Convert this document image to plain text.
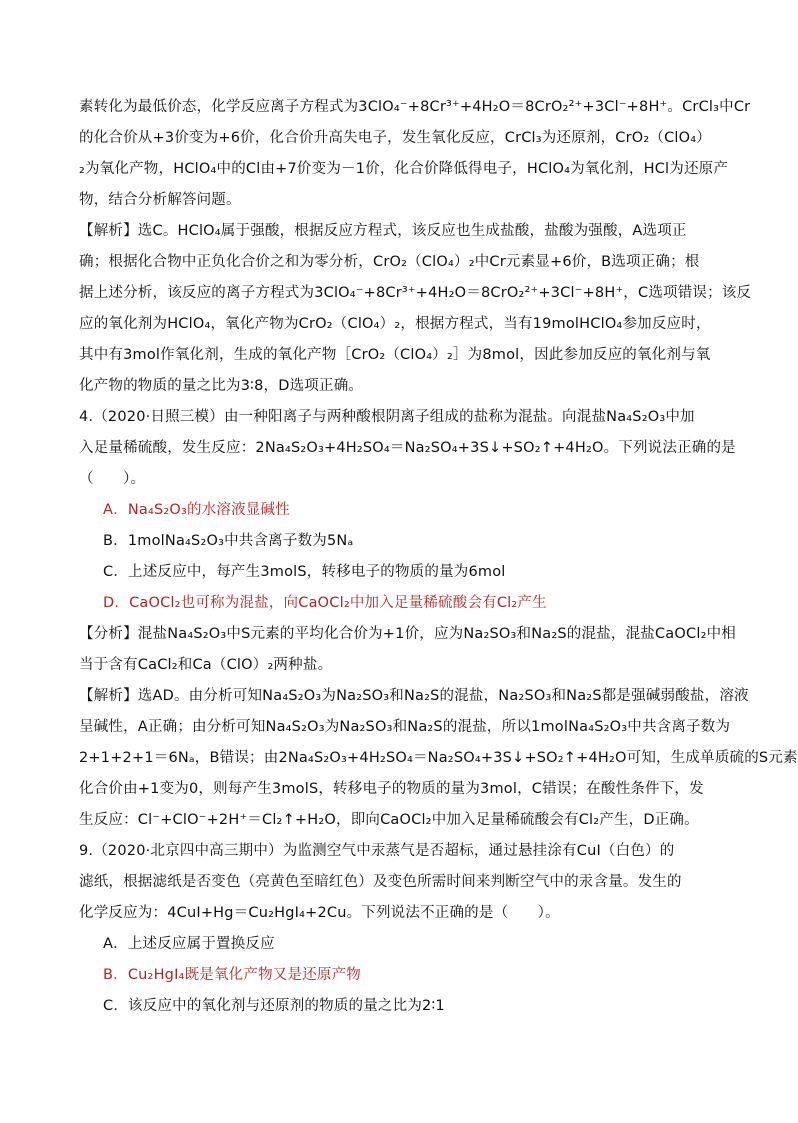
素转化为最低价态，化学反应离子方程式为3ClO₄⁻+8Cr³⁺+4H₂O＝8CrO₂²⁺+3Cl⁻+8H⁺。CrCl₃中Cr
的化合价从+3价变为+6价，化合价升高失电子，发生氧化反应，CrCl₃为还原剂，CrO₂（ClO₄）
₂为氧化产物，HClO₄中的Cl由+7价变为－1价，化合价降低得电子，HClO₄为氧化剂，HCl为还原产
物，结合分析解答问题。
【解析】选C。HClO₄属于强酸，根据反应方程式，该反应也生成盐酸，盐酸为强酸，A选项正
确；根据化合物中正负化合价之和为零分析，CrO₂（ClO₄）₂中Cr元素显+6价，B选项正确；根
据上述分析，该反应的离子方程式为3ClO₄⁻+8Cr³⁺+4H₂O＝8CrO₂²⁺+3Cl⁻+8H⁺，C选项错误；该反
应的氧化剂为HClO₄，氧化产物为CrO₂（ClO₄）₂，根据方程式，当有19molHClO₄参加反应时，
其中有3mol作氧化剂，生成的氧化产物［CrO₂（ClO₄）₂］为8mol，因此参加反应的氧化剂与氧
化产物的物质的量之比为3∶8，D选项正确。
4.（2020·日照三模）由一种阳离子与两种酸根阴离子组成的盐称为混盐。向混盐Na₄S₂O₃中加
入足量稀硫酸，发生反应：2Na₄S₂O₃+4H₂SO₄＝Na₂SO₄+3S↓+SO₂↑+4H₂O。下列说法正确的是
（　　）。
A．Na₄S₂O₃的水溶液显碱性
B．1molNa₄S₂O₃中共含离子数为5Nₐ
C．上述反应中，每产生3molS，转移电子的物质的量为6mol
D．CaOCl₂也可称为混盐，向CaOCl₂中加入足量稀硫酸会有Cl₂产生
【分析】混盐Na₄S₂O₃中S元素的平均化合价为+1价，应为Na₂SO₃和Na₂S的混盐，混盐CaOCl₂中相
当于含有CaCl₂和Ca（ClO）₂两种盐。
【解析】选AD。由分析可知Na₄S₂O₃为Na₂SO₃和Na₂S的混盐，Na₂SO₃和Na₂S都是强碱弱酸盐，溶液
呈碱性，A正确；由分析可知Na₄S₂O₃为Na₂SO₃和Na₂S的混盐，所以1molNa₄S₂O₃中共含离子数为
2+1+2+1＝6Nₐ，B错误；由2Na₄S₂O₃+4H₂SO₄＝Na₂SO₄+3S↓+SO₂↑+4H₂O可知，生成单质硫的S元素
化合价由+1变为0，则每产生3molS，转移电子的物质的量为3mol，C错误；在酸性条件下，发
生反应：Cl⁻+ClO⁻+2H⁺＝Cl₂↑+H₂O，即向CaOCl₂中加入足量稀硫酸会有Cl₂产生，D正确。
9.（2020·北京四中高三期中）为监测空气中汞蒸气是否超标，通过悬挂涂有CuI（白色）的
滤纸，根据滤纸是否变色（亮黄色至暗红色）及变色所需时间来判断空气中的汞含量。发生的
化学反应为：4CuI+Hg＝Cu₂HgI₄+2Cu。下列说法不正确的是（　　）。
A．上述反应属于置换反应
B．Cu₂HgI₄既是氧化产物又是还原产物
C．该反应中的氧化剂与还原剂的物质的量之比为2∶1
